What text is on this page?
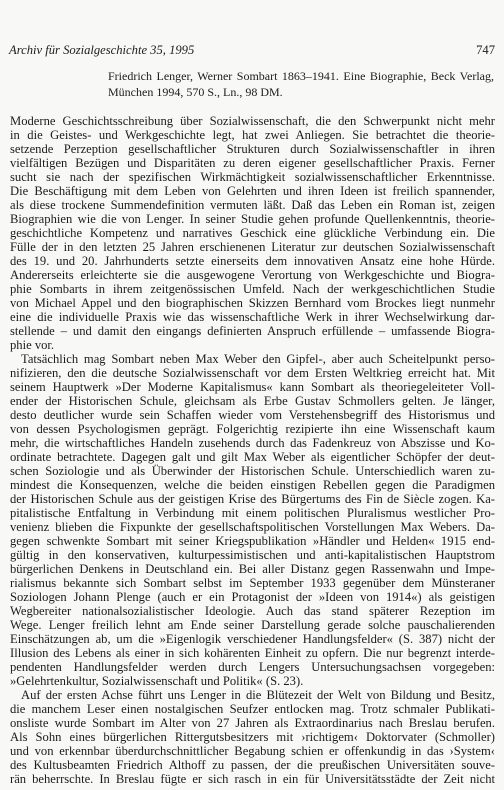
Archiv für Sozialgeschichte 35, 1995	747
Friedrich Lenger, Werner Sombart 1863–1941. Eine Biographie, Beck Verlag,
München 1994, 570 S., Ln., 98 DM.
Moderne Geschichtsschreibung über Sozialwissenschaft, die den Schwerpunkt nicht mehr
in die Geistes- und Werkgeschichte legt, hat zwei Anliegen. Sie betrachtet die theorie-
setzende Perzeption gesellschaftlicher Strukturen durch Sozialwissenschaftler in ihren
vielfältigen Bezügen und Disparitäten zu deren eigener gesellschaftlicher Praxis. Ferner
sucht sie nach der spezifischen Wirkmächtigkeit sozialwissenschaftlicher Erkenntnisse.
Die Beschäftigung mit dem Leben von Gelehrten und ihren Ideen ist freilich spannender,
als diese trockene Summendefinition vermuten läßt. Daß das Leben ein Roman ist, zeigen
Biographien wie die von Lenger. In seiner Studie gehen profunde Quellenkenntnis, theorie-
geschichtliche Kompetenz und narratives Geschick eine glückliche Verbindung ein. Die
Fülle der in den letzten 25 Jahren erschienenen Literatur zur deutschen Sozialwissenschaft
des 19. und 20. Jahrhunderts setzte einerseits dem innovativen Ansatz eine hohe Hürde.
Andererseits erleichterte sie die ausgewogene Verortung von Werkgeschichte und Biogra-
phie Sombarts in ihrem zeitgenössischen Umfeld. Nach der werkgeschichtlichen Studie
von Michael Appel und den biographischen Skizzen Bernhard vom Brockes liegt nunmehr
eine die individuelle Praxis wie das wissenschaftliche Werk in ihrer Wechselwirkung dar-
stellende – und damit den eingangs definierten Anspruch erfüllende – umfassende Biogra-
phie vor.
Tatsächlich mag Sombart neben Max Weber den Gipfel-, aber auch Scheitelpunkt perso-
nifizieren, den die deutsche Sozialwissenschaft vor dem Ersten Weltkrieg erreicht hat. Mit
seinem Hauptwerk »Der Moderne Kapitalismus« kann Sombart als theoriegeleiteter Voll-
ender der Historischen Schule, gleichsam als Erbe Gustav Schmollers gelten. Je länger,
desto deutlicher wurde sein Schaffen wieder vom Verstehensbegriff des Historismus und
von dessen Psychologismen geprägt. Folgerichtig rezipierte ihn eine Wissenschaft kaum
mehr, die wirtschaftliches Handeln zusehends durch das Fadenkreuz von Abszisse und Ko-
ordinate betrachtete. Dagegen galt und gilt Max Weber als eigentlicher Schöpfer der deut-
schen Soziologie und als Überwinder der Historischen Schule. Unterschiedlich waren zu-
mindest die Konsequenzen, welche die beiden einstigen Rebellen gegen die Paradigmen
der Historischen Schule aus der geistigen Krise des Bürgertums des Fin de Siècle zogen. Ka-
pitalistische Entfaltung in Verbindung mit einem politischen Pluralismus westlicher Pro-
venienz blieben die Fixpunkte der gesellschaftspolitischen Vorstellungen Max Webers. Da-
gegen schwenkte Sombart mit seiner Kriegspublikation »Händler und Helden« 1915 end-
gültig in den konservativen, kulturpessimistischen und anti-kapitalistischen Hauptstrom
bürgerlichen Denkens in Deutschland ein. Bei aller Distanz gegen Rassenwahn und Impe-
rialismus bekannte sich Sombart selbst im September 1933 gegenüber dem Münsteraner
Soziologen Johann Plenge (auch er ein Protagonist der »Ideen von 1914«) als geistigen
Wegbereiter nationalsozialistischer Ideologie. Auch das stand späterer Rezeption im
Wege. Lenger freilich lehnt am Ende seiner Darstellung gerade solche pauschalierenden
Einschätzungen ab, um die »Eigenlogik verschiedener Handlungsfelder« (S. 387) nicht der
Illusion des Lebens als einer in sich kohärenten Einheit zu opfern. Die nur begrenzt interde-
pendenten Handlungsfelder werden durch Lengers Untersuchungsachsen vorgegeben:
»Gelehrtenkultur, Sozialwissenschaft und Politik« (S. 23).
Auf der ersten Achse führt uns Lenger in die Blütezeit der Welt von Bildung und Besitz,
die manchem Leser einen nostalgischen Seufzer entlocken mag. Trotz schmaler Publikati-
onsliste wurde Sombart im Alter von 27 Jahren als Extraordinarius nach Breslau berufen.
Als Sohn eines bürgerlichen Rittergutsbesitzers mit ›richtigem‹ Doktorvater (Schmoller)
und von erkennbar überdurchschnittlicher Begabung schien er offenkundig in das ›System‹
des Kultusbeamten Friedrich Althoff zu passen, der die preußischen Universitäten souve-
rän beherrschte. In Breslau fügte er sich rasch in ein für Universitätsstädte der Zeit nicht
